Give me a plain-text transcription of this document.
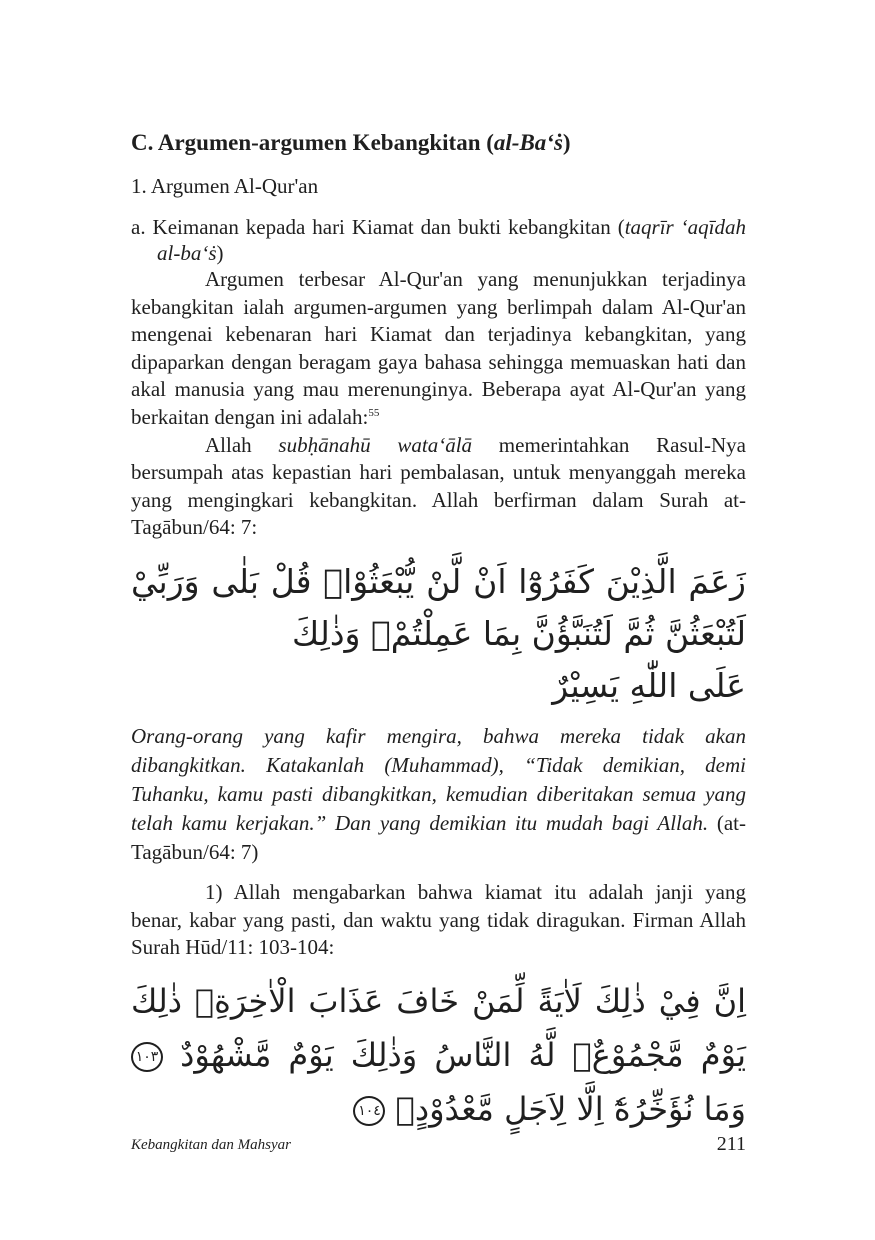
C. Argumen-argumen Kebangkitan (al-Ba‘ṡ)

1. Argumen Al-Qur'an

a. Keimanan kepada hari Kiamat dan bukti kebangkitan (taqrīr ‘aqīdah al-ba‘ṡ)

Argumen terbesar Al-Qur'an yang menunjukkan terjadinya kebangkitan ialah argumen-argumen yang berlimpah dalam Al-Qur'an mengenai kebenaran hari Kiamat dan terjadinya kebangkitan, yang dipaparkan dengan beragam gaya bahasa sehingga memuaskan hati dan akal manusia yang mau merenunginya. Beberapa ayat Al-Qur'an yang berkaitan dengan ini adalah:$^{55}$

Allah subḥānahū wata‘ālā memerintahkan Rasul-Nya bersumpah atas kepastian hari pembalasan, untuk menyanggah mereka yang mengingkari kebangkitan. Allah berfirman dalam Surah at-Tagābun/64: 7:

زَعَمَ الَّذِيْنَ كَفَرُوْٓا اَنْ لَّنْ يُّبْعَثُوْاۗ قُلْ بَلٰى وَرَبِّيْ لَتُبْعَثُنَّ ثُمَّ لَتُنَبَّؤُنَّ بِمَا عَمِلْتُمْۗ وَذٰلِكَ
عَلَى اللّٰهِ يَسِيْرٌ

Orang-orang yang kafir mengira, bahwa mereka tidak akan dibangkitkan. Katakanlah (Muhammad), “Tidak demikian, demi Tuhanku, kamu pasti dibangkitkan, kemudian diberitakan semua yang telah kamu kerjakan.” Dan yang demikian itu mudah bagi Allah. (at-Tagābun/64: 7)

1) Allah mengabarkan bahwa kiamat itu adalah janji yang benar, kabar yang pasti, dan waktu yang tidak diragukan. Firman Allah Surah Hūd/11: 103-104:

اِنَّ فِيْ ذٰلِكَ لَاٰيَةً لِّمَنْ خَافَ عَذَابَ الْاٰخِرَةِۗ ذٰلِكَ يَوْمٌ مَّجْمُوْعٌۙ لَّهُ النَّاسُ وَذٰلِكَ يَوْمٌ مَّشْهُوْدٌ ١٠٣ وَمَا نُؤَخِّرُهٗٓ اِلَّا لِاَجَلٍ مَّعْدُوْدٍۗ ١٠٤
Kebangkitan dan Mahsyar	211
